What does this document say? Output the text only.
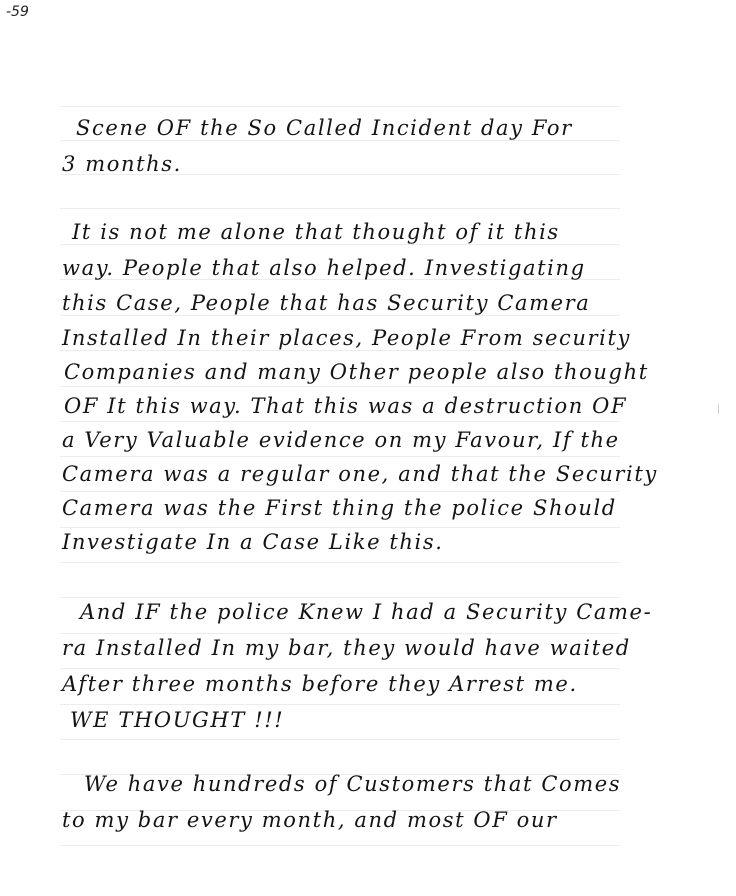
-59
Scene OF the So Called Incident day For
3 months.
It is not me alone that thought of it this
way. People that also helped. Investigating
this Case, People that has Security Camera
Installed In their places, People From security
Companies and many Other people also thought
OF It this way. That this was a destruction OF
a Very Valuable evidence on my Favour, If the
Camera was a regular one, and that the Security
Camera was the First thing the police Should
Investigate In a Case Like this.
And IF the police Knew I had a Security Came-
ra Installed In my bar, they would have waited
After three months before they Arrest me.
WE THOUGHT !!!
We have hundreds of Customers that Comes
to my bar every month, and most OF our
